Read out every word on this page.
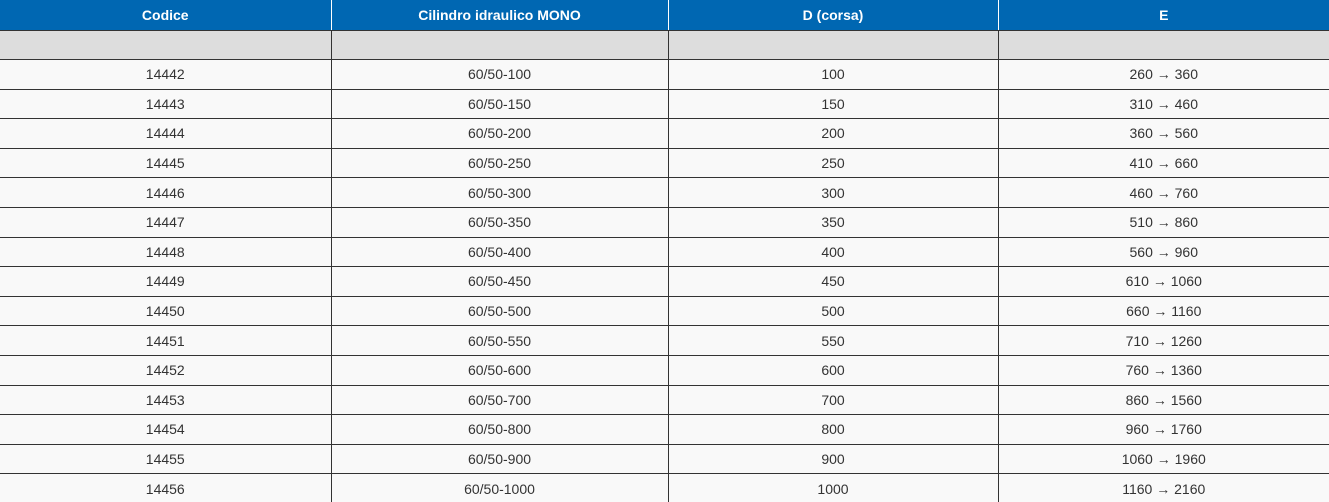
Codice	Cilindro idraulico MONO	D (corsa)	E

14442	60/50-100	100	260 → 360
14443	60/50-150	150	310 → 460
14444	60/50-200	200	360 → 560
14445	60/50-250	250	410 → 660
14446	60/50-300	300	460 → 760
14447	60/50-350	350	510 → 860
14448	60/50-400	400	560 → 960
14449	60/50-450	450	610 → 1060
14450	60/50-500	500	660 → 1160
14451	60/50-550	550	710 → 1260
14452	60/50-600	600	760 → 1360
14453	60/50-700	700	860 → 1560
14454	60/50-800	800	960 → 1760
14455	60/50-900	900	1060 → 1960
14456	60/50-1000	1000	1160 → 2160
